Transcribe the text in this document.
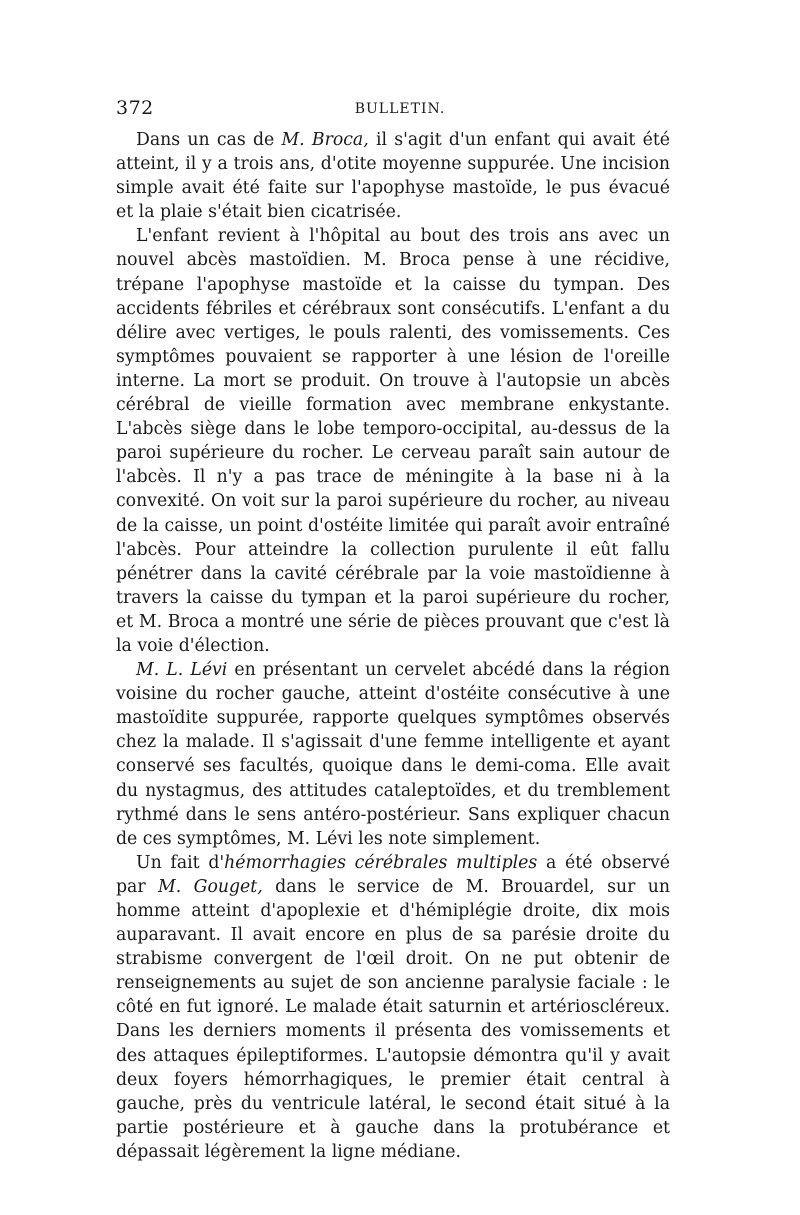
372	BULLETIN.

Dans un cas de M. Broca, il s'agit d'un enfant qui avait été atteint, il y a trois ans, d'otite moyenne suppurée. Une incision simple avait été faite sur l'apophyse mastoïde, le pus évacué et la plaie s'était bien cicatrisée.

L'enfant revient à l'hôpital au bout des trois ans avec un nouvel abcès mastoïdien. M. Broca pense à une récidive, trépane l'apophyse mastoïde et la caisse du tympan. Des accidents fébriles et cérébraux sont consécutifs. L'enfant a du délire avec vertiges, le pouls ralenti, des vomissements. Ces symptômes pouvaient se rapporter à une lésion de l'oreille interne. La mort se produit. On trouve à l'autopsie un abcès cérébral de vieille formation avec membrane enkystante. L'abcès siège dans le lobe temporo-occipital, au-dessus de la paroi supérieure du rocher. Le cerveau paraît sain autour de l'abcès. Il n'y a pas trace de méningite à la base ni à la convexité. On voit sur la paroi supérieure du rocher, au niveau de la caisse, un point d'ostéite limitée qui paraît avoir entraîné l'abcès. Pour atteindre la collection purulente il eût fallu pénétrer dans la cavité cérébrale par la voie mastoïdienne à travers la caisse du tympan et la paroi supérieure du rocher, et M. Broca a montré une série de pièces prouvant que c'est là la voie d'élection.

M. L. Lévi en présentant un cervelet abcédé dans la région voisine du rocher gauche, atteint d'ostéite consécutive à une mastoïdite suppurée, rapporte quelques symptômes observés chez la malade. Il s'agissait d'une femme intelligente et ayant conservé ses facultés, quoique dans le demi-coma. Elle avait du nystagmus, des attitudes cataleptoïdes, et du tremblement rythmé dans le sens antéro-postérieur. Sans expliquer chacun de ces symptômes, M. Lévi les note simplement.

Un fait d'hémorrhagies cérébrales multiples a été observé par M. Gouget, dans le service de M. Brouardel, sur un homme atteint d'apoplexie et d'hémiplégie droite, dix mois auparavant. Il avait encore en plus de sa parésie droite du strabisme convergent de l'œil droit. On ne put obtenir de renseignements au sujet de son ancienne paralysie faciale : le côté en fut ignoré. Le malade était saturnin et artérioscléreux. Dans les derniers moments il présenta des vomissements et des attaques épileptiformes. L'autopsie démontra qu'il y avait deux foyers hémorrhagiques, le premier était central à gauche, près du ventricule latéral, le second était situé à la partie postérieure et à gauche dans la protubérance et dépassait légèrement la ligne médiane.
